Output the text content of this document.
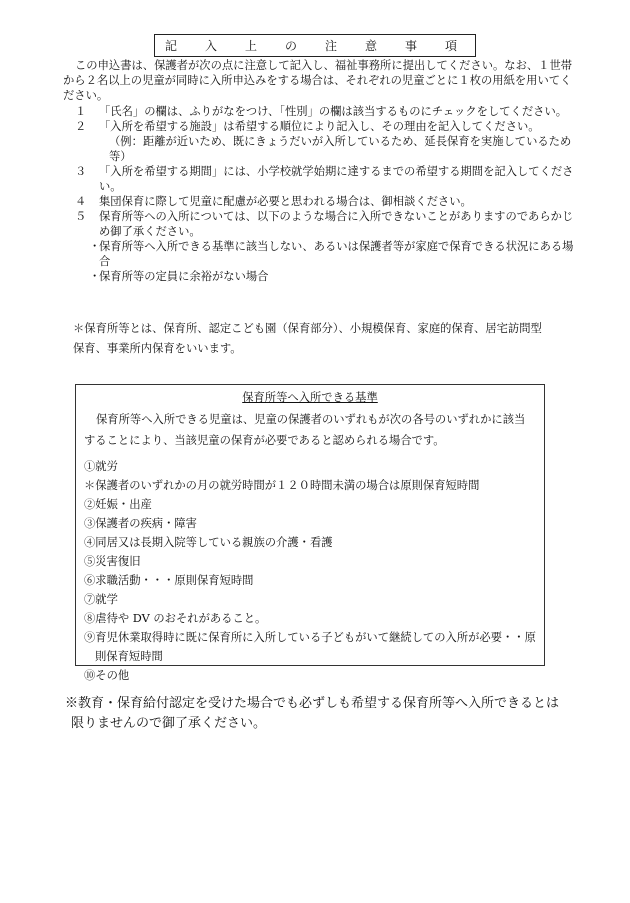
記　入　上　の　注　意　事　項
この申込書は、保護者が次の点に注意して記入し、福祉事務所に提出してください。なお、１世帯から２名以上の児童が同時に入所申込みをする場合は、それぞれの児童ごとに１枚の用紙を用いてください。
１ 「氏名」の欄は、ふりがなをつけ、「性別」の欄は該当するものにチェックをしてください。
２ 「入所を希望する施設」は希望する順位により記入し、その理由を記入してください。
（例：距離が近いため、既にきょうだいが入所しているため、延長保育を実施しているため等）
３ 「入所を希望する期間」には、小学校就学始期に達するまでの希望する期間を記入してください。
４ 集団保育に際して児童に配慮が必要と思われる場合は、御相談ください。
５ 保育所等への入所については、以下のような場合に入所できないことがありますのであらかじめ御了承ください。
・
保育所等へ入所できる基準に該当しない、あるいは保護者等が家庭で保育できる状況にある場合
・
保育所等の定員に余裕がない場合
＊保育所等とは、保育所、認定こども園（保育部分）、小規模保育、家庭的保育、居宅訪問型保育、事業所内保育をいいます。
保育所等へ入所できる基準
保育所等へ入所できる児童は、児童の保護者のいずれもが次の各号のいずれかに該当することにより、当該児童の保育が必要であると認められる場合です。
①就労
＊保護者のいずれかの月の就労時間が１２０時間未満の場合は原則保育短時間
②妊娠・出産
③保護者の疾病・障害
④同居又は長期入院等している親族の介護・看護
⑤災害復旧
⑥求職活動・・・原則保育短時間
⑦就学
⑧虐待や DV のおそれがあること。
⑨育児休業取得時に既に保育所に入所している子どもがいて継続しての入所が必要・・原則保育短時間
⑩その他
※教育・保育給付認定を受けた場合でも必ずしも希望する保育所等へ入所できるとは
限りませんので御了承ください。
